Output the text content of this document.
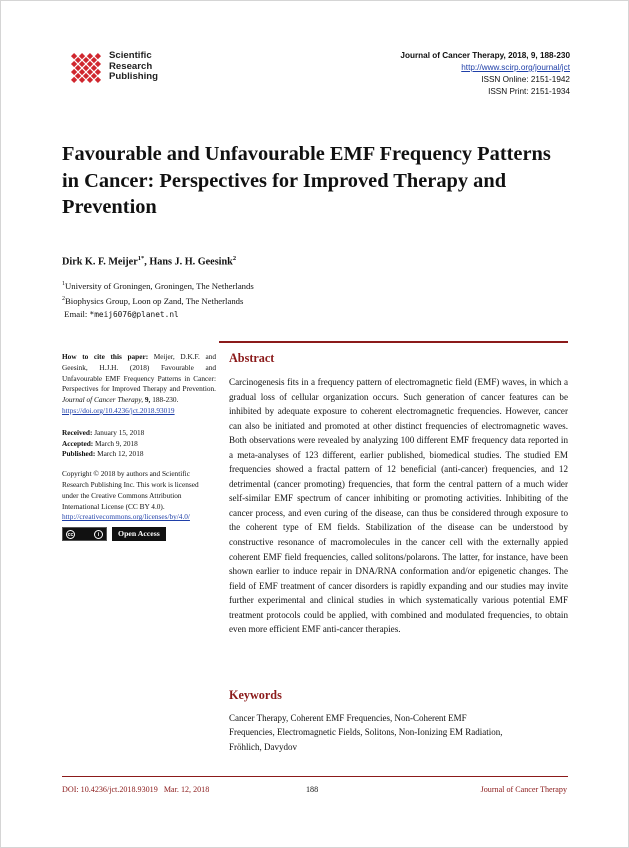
Scientific
Research
Publishing
Journal of Cancer Therapy, 2018, 9, 188-230
http://www.scirp.org/journal/jct
ISSN Online: 2151-1942
ISSN Print: 2151-1934
Favourable and Unfavourable EMF Frequency Patterns in Cancer: Perspectives for Improved Therapy and Prevention
Dirk K. F. Meijer$^{1*}$, Hans J. H. Geesink$^2$
$^1$University of Groningen, Groningen, The Netherlands
$^2$Biophysics Group, Loon op Zand, The Netherlands
Email: *meij6076@planet.nl

How to cite this paper: Meijer, D.K.F. and Geesink, H.J.H. (2018) Favourable and Unfavourable EMF Frequency Patterns in Cancer: Perspectives for Improved Therapy and Prevention. Journal of Cancer Therapy, 9, 188-230.
https://doi.org/10.4236/jct.2018.93019

Received: January 15, 2018
Accepted: March 9, 2018
Published: March 12, 2018

Copyright © 2018 by authors and Scientific Research Publishing Inc. This work is licensed under the Creative Commons Attribution International License (CC BY 4.0).
http://creativecommons.org/licenses/by/4.0/

cc	i	Open Access
Abstract

Carcinogenesis fits in a frequency pattern of electromagnetic field (EMF) waves, in which a gradual loss of cellular organization occurs. Such generation of cancer features can be inhibited by adequate exposure to coherent electromagnetic frequencies. However, cancer can also be initiated and promoted at other distinct frequencies of electromagnetic waves. Both observations were revealed by analyzing 100 different EMF frequency data reported in a meta-analyses of 123 different, earlier published, biomedical studies. The studied EM frequencies showed a fractal pattern of 12 beneficial (anti-cancer) frequencies, and 12 detrimental (cancer promoting) frequencies, that form the central pattern of a much wider self-similar EMF spectrum of cancer inhibiting or promoting activities. Inhibiting of the cancer process, and even curing of the disease, can thus be considered through exposure to the coherent type of EM fields. Stabilization of the disease can be understood by constructive resonance of macromolecules in the cancer cell with the externally appied coherent EMF field frequencies, called solitons/polarons. The latter, for instance, have been shown earlier to induce repair in DNA/RNA conformation and/or epigenetic changes. The field of EMF treatment of cancer disorders is rapidly expanding and our studies may invite further experimental and clinical studies in which systematically various potential EMF treatment protocols could be applied, with combined and modulated frequencies, to obtain even more efficient EMF anti-cancer therapies.

Keywords
Cancer Therapy, Coherent EMF Frequencies, Non-Coherent EMF
Frequencies, Electromagnetic Fields, Solitons, Non-Ionizing EM Radiation,
Fröhlich, Davydov
DOI: 10.4236/jct.2018.93019 Mar. 12, 2018	188	Journal of Cancer Therapy
